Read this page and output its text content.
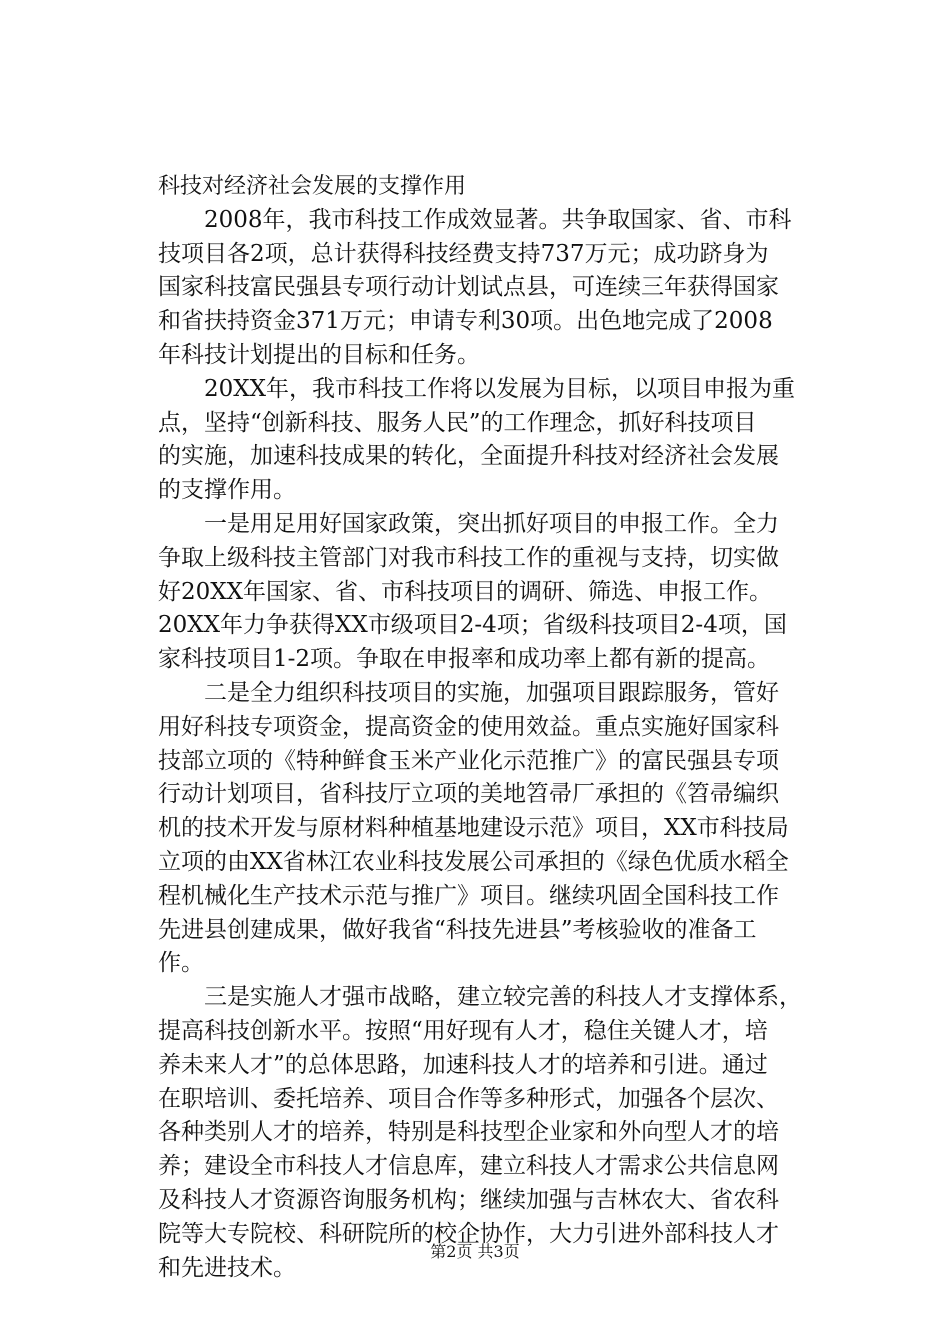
科技对经济社会发展的支撑作用
　　2008年，我市科技工作成效显著。共争取国家、省、市科
技项目各2项，总计获得科技经费支持737万元；成功跻身为
国家科技富民强县专项行动计划试点县，可连续三年获得国家
和省扶持资金371万元；申请专利30项。出色地完成了2008
年科技计划提出的目标和任务。
　　20XX年，我市科技工作将以发展为目标，以项目申报为重
点，坚持“创新科技、服务人民”的工作理念，抓好科技项目
的实施，加速科技成果的转化，全面提升科技对经济社会发展
的支撑作用。
　　一是用足用好国家政策，突出抓好项目的申报工作。全力
争取上级科技主管部门对我市科技工作的重视与支持，切实做
好20XX年国家、省、市科技项目的调研、筛选、申报工作。
20XX年力争获得XX市级项目2-4项；省级科技项目2-4项，国
家科技项目1-2项。争取在申报率和成功率上都有新的提高。
　　二是全力组织科技项目的实施，加强项目跟踪服务，管好
用好科技专项资金，提高资金的使用效益。重点实施好国家科
技部立项的《特种鲜食玉米产业化示范推广》的富民强县专项
行动计划项目，省科技厅立项的美地笤帚厂承担的《笤帚编织
机的技术开发与原材料种植基地建设示范》项目，XX市科技局
立项的由XX省林江农业科技发展公司承担的《绿色优质水稻全
程机械化生产技术示范与推广》项目。继续巩固全国科技工作
先进县创建成果，做好我省“科技先进县”考核验收的准备工
作。
　　三是实施人才强市战略，建立较完善的科技人才支撑体系，
提高科技创新水平。按照“用好现有人才，稳住关键人才，培
养未来人才”的总体思路，加速科技人才的培养和引进。通过
在职培训、委托培养、项目合作等多种形式，加强各个层次、
各种类别人才的培养，特别是科技型企业家和外向型人才的培
养；建设全市科技人才信息库，建立科技人才需求公共信息网
及科技人才资源咨询服务机构；继续加强与吉林农大、省农科
院等大专院校、科研院所的校企协作，大力引进外部科技人才
和先进技术。
第2页 共3页
